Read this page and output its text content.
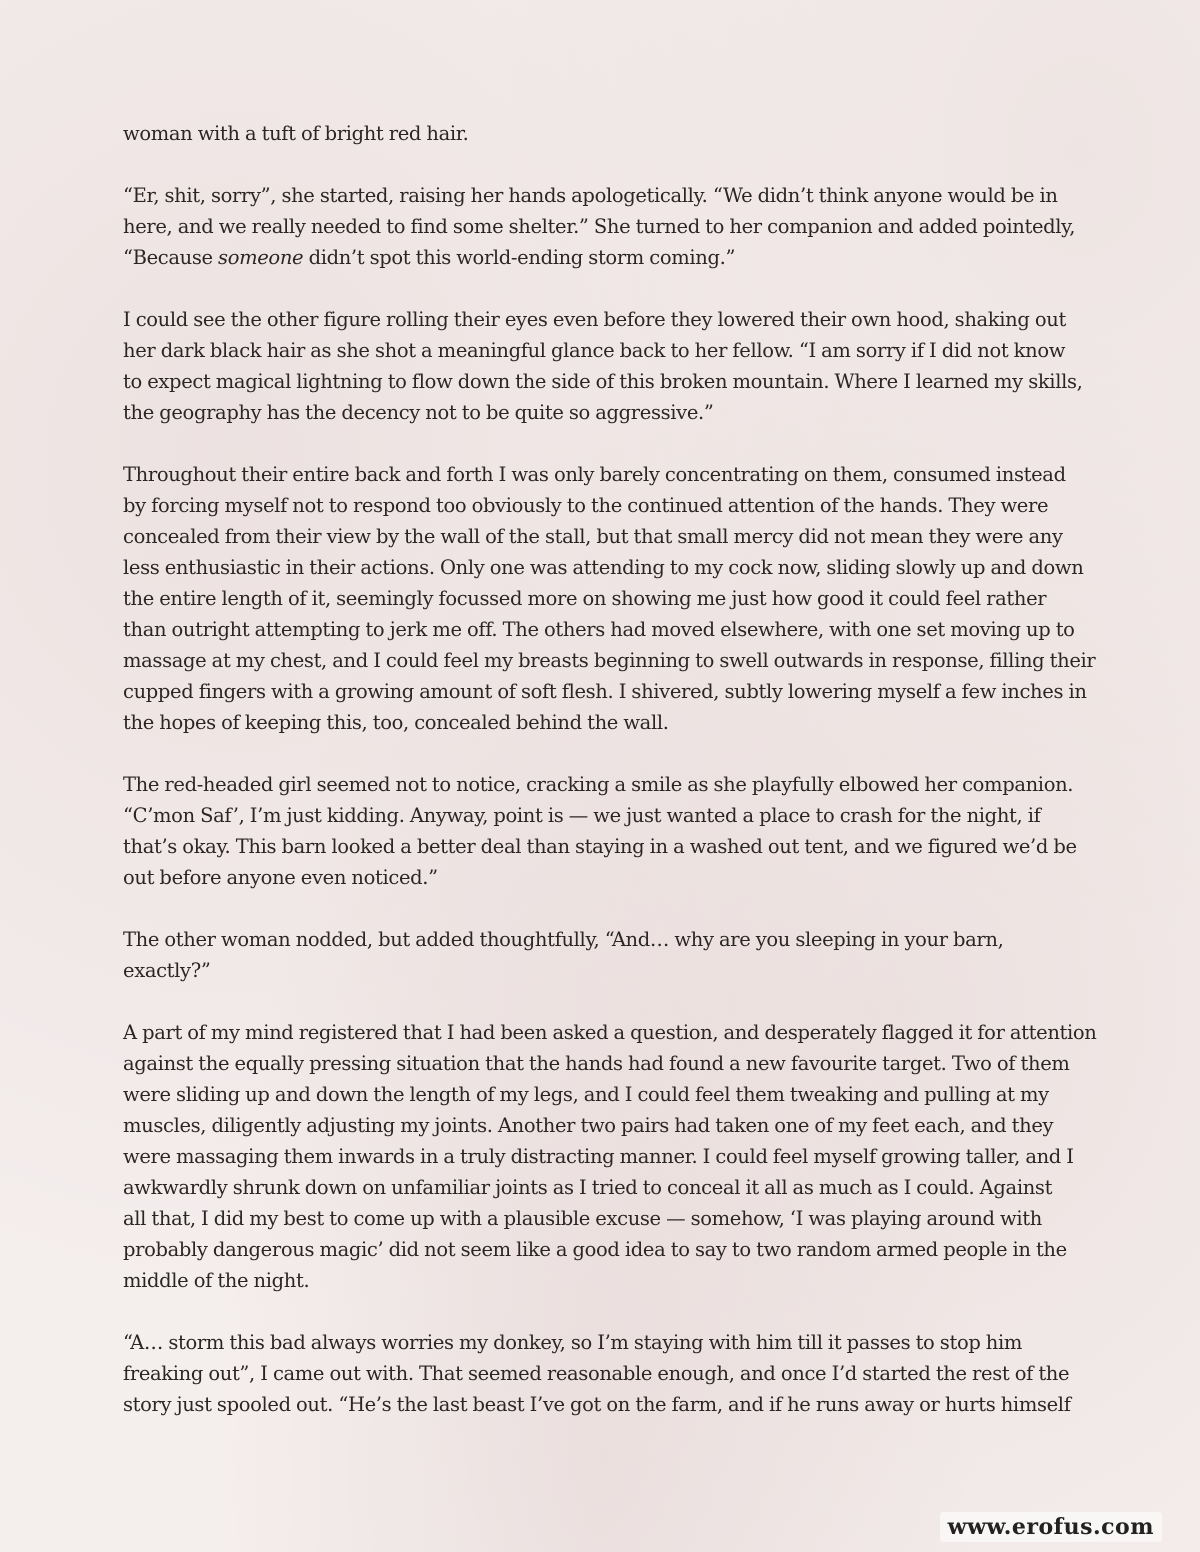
woman with a tuft of bright red hair.

“Er, shit, sorry”, she started, raising her hands apologetically. “We didn’t think anyone would be in
here, and we really needed to find some shelter.” She turned to her companion and added pointedly,
“Because someone didn’t spot this world-ending storm coming.”

I could see the other figure rolling their eyes even before they lowered their own hood, shaking out
her dark black hair as she shot a meaningful glance back to her fellow. “I am sorry if I did not know
to expect magical lightning to flow down the side of this broken mountain. Where I learned my skills,
the geography has the decency not to be quite so aggressive.”

Throughout their entire back and forth I was only barely concentrating on them, consumed instead
by forcing myself not to respond too obviously to the continued attention of the hands. They were
concealed from their view by the wall of the stall, but that small mercy did not mean they were any
less enthusiastic in their actions. Only one was attending to my cock now, sliding slowly up and down
the entire length of it, seemingly focussed more on showing me just how good it could feel rather
than outright attempting to jerk me off. The others had moved elsewhere, with one set moving up to
massage at my chest, and I could feel my breasts beginning to swell outwards in response, filling their
cupped fingers with a growing amount of soft flesh. I shivered, subtly lowering myself a few inches in
the hopes of keeping this, too, concealed behind the wall.

The red-headed girl seemed not to notice, cracking a smile as she playfully elbowed her companion.
“C’mon Saf’, I’m just kidding. Anyway, point is — we just wanted a place to crash for the night, if
that’s okay. This barn looked a better deal than staying in a washed out tent, and we figured we’d be
out before anyone even noticed.”

The other woman nodded, but added thoughtfully, “And… why are you sleeping in your barn,
exactly?”

A part of my mind registered that I had been asked a question, and desperately flagged it for attention
against the equally pressing situation that the hands had found a new favourite target. Two of them
were sliding up and down the length of my legs, and I could feel them tweaking and pulling at my
muscles, diligently adjusting my joints. Another two pairs had taken one of my feet each, and they
were massaging them inwards in a truly distracting manner. I could feel myself growing taller, and I
awkwardly shrunk down on unfamiliar joints as I tried to conceal it all as much as I could. Against
all that, I did my best to come up with a plausible excuse — somehow, ‘I was playing around with
probably dangerous magic’ did not seem like a good idea to say to two random armed people in the
middle of the night.

“A… storm this bad always worries my donkey, so I’m staying with him till it passes to stop him
freaking out”, I came out with. That seemed reasonable enough, and once I’d started the rest of the
story just spooled out. “He’s the last beast I’ve got on the farm, and if he runs away or hurts himself

www.erofus.com
